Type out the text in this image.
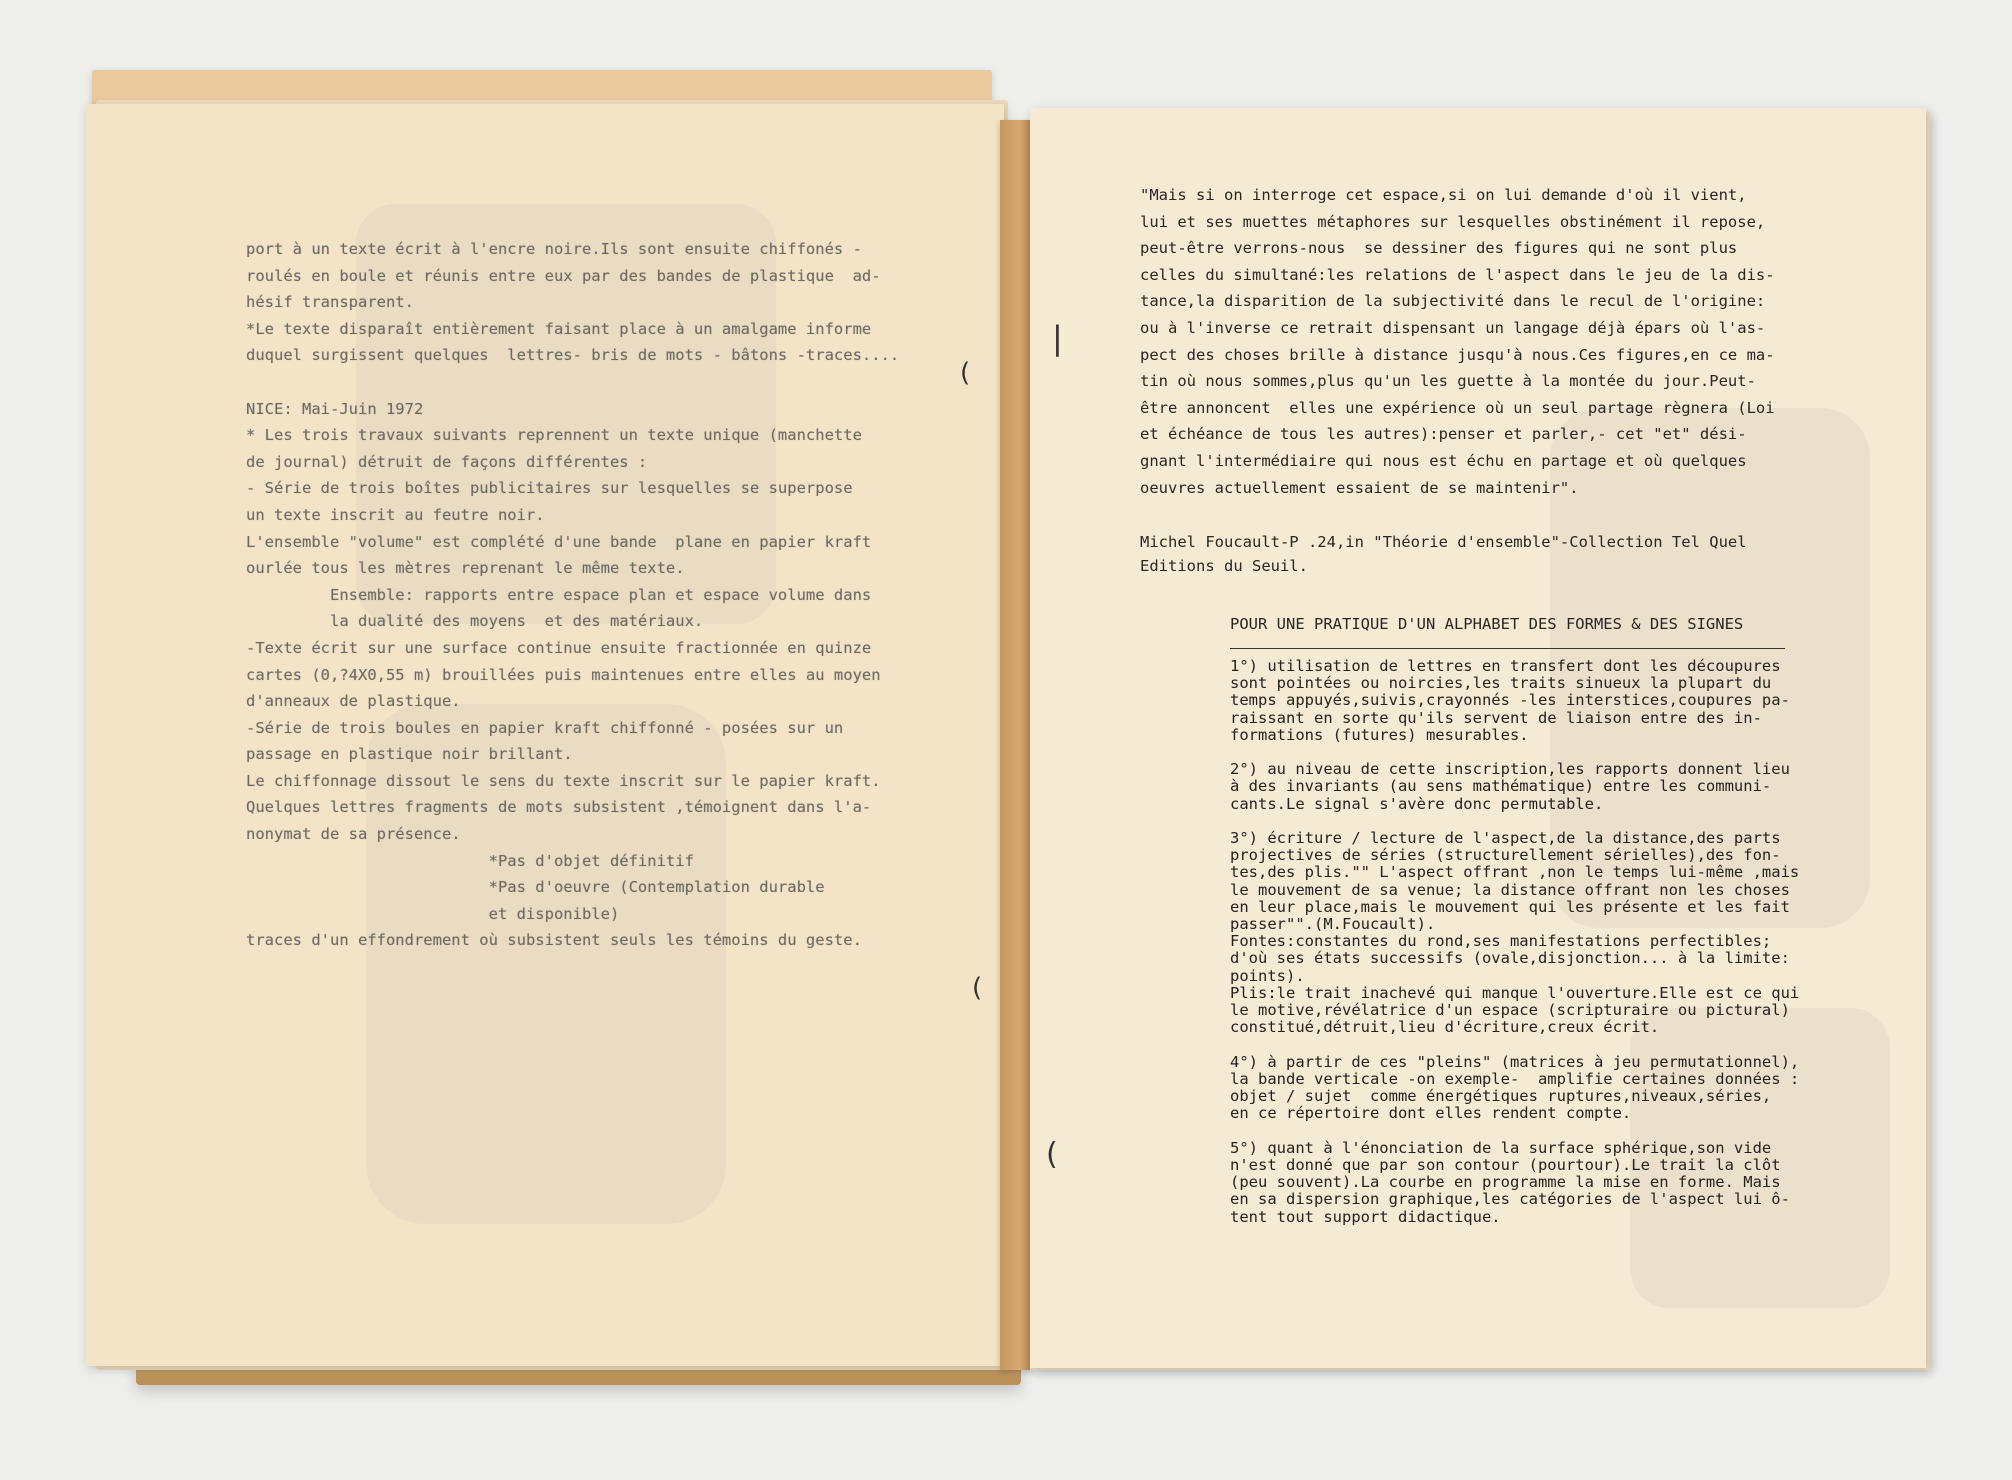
port à un texte écrit à l'encre noire.Ils sont ensuite chiffonés -
roulés en boule et réunis entre eux par des bandes de plastique  ad-
hésif transparent.
*Le texte disparaît entièrement faisant place à un amalgame informe
duquel surgissent quelques  lettres- bris de mots - bâtons -traces....

NICE: Mai-Juin 1972
* Les trois travaux suivants reprennent un texte unique (manchette
de journal) détruit de façons différentes :
- Série de trois boîtes publicitaires sur lesquelles se superpose
un texte inscrit au feutre noir.
L'ensemble "volume" est complété d'une bande  plane en papier kraft
ourlée tous les mètres reprenant le même texte.
Ensemble: rapports entre espace plan et espace volume dans
la dualité des moyens  et des matériaux.
-Texte écrit sur une surface continue ensuite fractionnée en quinze
cartes (0,?4X0,55 m) brouillées puis maintenues entre elles au moyen
d'anneaux de plastique.
-Série de trois boules en papier kraft chiffonné - posées sur un
passage en plastique noir brillant.
Le chiffonnage dissout le sens du texte inscrit sur le papier kraft.
Quelques lettres fragments de mots subsistent ,témoignent dans l'a-
nonymat de sa présence.
*Pas d'objet définitif
*Pas d'oeuvre (Contemplation durable
et disponible)
traces d'un effondrement où subsistent seuls les témoins du geste.
"Mais si on interroge cet espace,si on lui demande d'où il vient,
lui et ses muettes métaphores sur lesquelles obstinément il repose,
peut-être verrons-nous  se dessiner des figures qui ne sont plus
celles du simultané:les relations de l'aspect dans le jeu de la dis-
tance,la disparition de la subjectivité dans le recul de l'origine:
ou à l'inverse ce retrait dispensant un langage déjà épars où l'as-
pect des choses brille à distance jusqu'à nous.Ces figures,en ce ma-
tin où nous sommes,plus qu'un les guette à la montée du jour.Peut-
être annoncent  elles une expérience où un seul partage règnera (Loi
et échéance de tous les autres):penser et parler,- cet "et" dési-
gnant l'intermédiaire qui nous est échu en partage et où quelques
oeuvres actuellement essaient de se maintenir".
Michel Foucault-P .24,in "Théorie d'ensemble"-Collection Tel Quel
Editions du Seuil.
POUR UNE PRATIQUE D'UN ALPHABET DES FORMES & DES SIGNES
1°) utilisation de lettres en transfert dont les découpures
sont pointées ou noircies,les traits sinueux la plupart du
temps appuyés,suivis,crayonnés -les interstices,coupures pa-
raissant en sorte qu'ils servent de liaison entre des in-
formations (futures) mesurables.

2°) au niveau de cette inscription,les rapports donnent lieu
à des invariants (au sens mathématique) entre les communi-
cants.Le signal s'avère donc permutable.

3°) écriture / lecture de l'aspect,de la distance,des parts
projectives de séries (structurellement sérielles),des fon-
tes,des plis."" L'aspect offrant ,non le temps lui-même ,mais
le mouvement de sa venue; la distance offrant non les choses
en leur place,mais le mouvement qui les présente et les fait
passer"".(M.Foucault).
Fontes:constantes du rond,ses manifestations perfectibles;
d'où ses états successifs (ovale,disjonction... à la limite:
points).
Plis:le trait inachevé qui manque l'ouverture.Elle est ce qui
le motive,révélatrice d'un espace (scripturaire ou pictural)
constitué,détruit,lieu d'écriture,creux écrit.

4°) à partir de ces "pleins" (matrices à jeu permutationnel),
la bande verticale -on exemple-  amplifie certaines données :
objet / sujet  comme énergétiques ruptures,niveaux,séries,
en ce répertoire dont elles rendent compte.

5°) quant à l'énonciation de la surface sphérique,son vide
n'est donné que par son contour (pourtour).Le trait la clôt
(peu souvent).La courbe en programme la mise en forme. Mais
en sa dispersion graphique,les catégories de l'aspect lui ô-
tent tout support didactique.
(
(
|
(
